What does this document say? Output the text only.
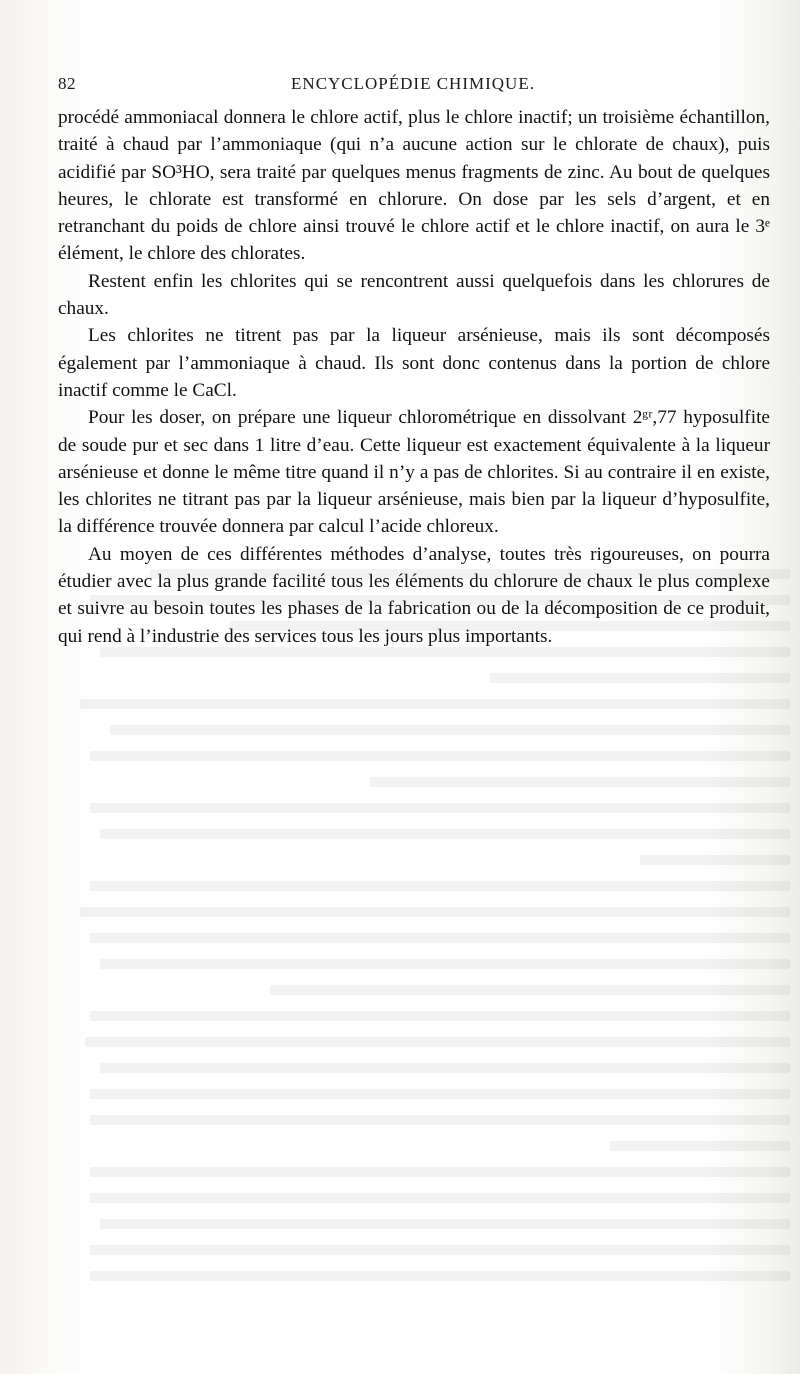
82	ENCYCLOPÉDIE CHIMIQUE.

procédé ammoniacal donnera le chlore actif, plus le chlore inactif; un troisième échantillon, traité à chaud par l’ammoniaque (qui n’a aucune action sur le chlorate de chaux), puis acidifié par SO³HO, sera traité par quelques menus fragments de zinc. Au bout de quelques heures, le chlorate est transformé en chlorure. On dose par les sels d’argent, et en retranchant du poids de chlore ainsi trouvé le chlore actif et le chlore inactif, on aura le 3ᵉ élément, le chlore des chlorates.

Restent enfin les chlorites qui se rencontrent aussi quelquefois dans les chlorures de chaux.

Les chlorites ne titrent pas par la liqueur arsénieuse, mais ils sont décomposés également par l’ammoniaque à chaud. Ils sont donc contenus dans la portion de chlore inactif comme le CaCl.

Pour les doser, on prépare une liqueur chlorométrique en dissolvant 2ᵍʳ,77 hyposulfite de soude pur et sec dans 1 litre d’eau. Cette liqueur est exactement équivalente à la liqueur arsénieuse et donne le même titre quand il n’y a pas de chlorites. Si au contraire il en existe, les chlorites ne titrant pas par la liqueur arsénieuse, mais bien par la liqueur d’hyposulfite, la différence trouvée donnera par calcul l’acide chloreux.

Au moyen de ces différentes méthodes d’analyse, toutes très rigoureuses, on pourra étudier avec la plus grande facilité tous les éléments du chlorure de chaux le plus complexe et suivre au besoin toutes les phases de la fabrication ou de la décomposition de ce produit, qui rend à l’industrie des services tous les jours plus importants.
